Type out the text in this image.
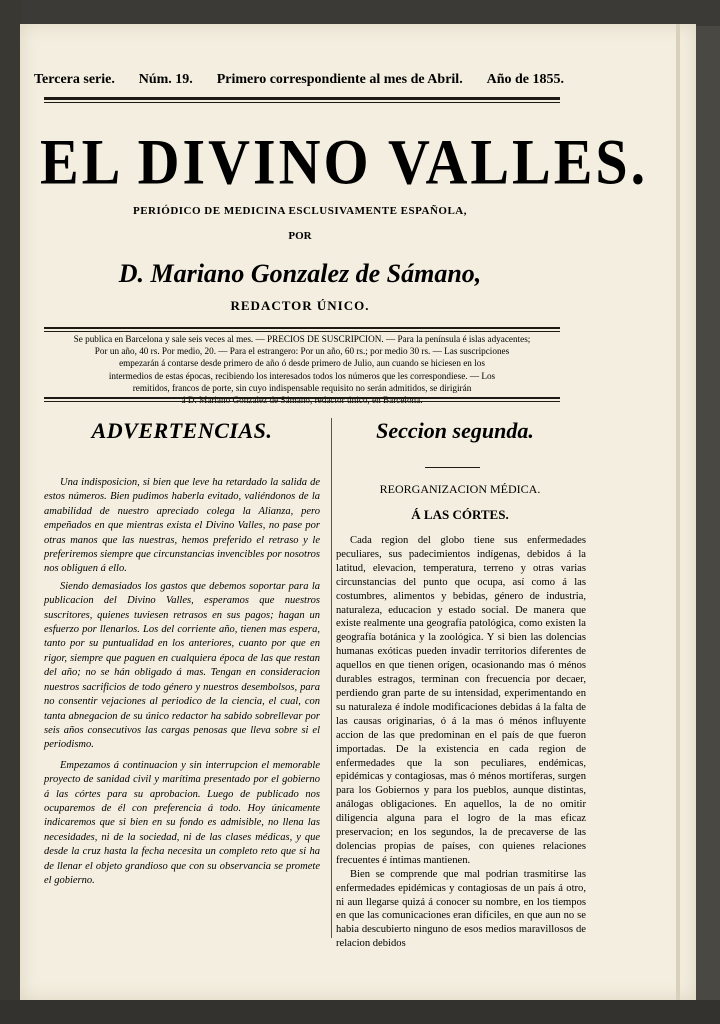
Tercera serie. Núm. 19. Primero correspondiente al mes de Abril. Año de 1855.
EL DIVINO VALLES.
PERIÓDICO DE MEDICINA ESCLUSIVAMENTE ESPAÑOLA,
POR
D. Mariano Gonzalez de Sámano,
REDACTOR ÚNICO.
Se publica en Barcelona y sale seis veces al mes. — PRECIOS DE SUSCRIPCION. — Para la península é islas adyacentes;
Por un año, 40 rs. Por medio, 20. — Para el estrangero: Por un año, 60 rs.; por medio 30 rs. — Las suscripciones
empezarán á contarse desde primero de año ó desde primero de Julio, aun cuando se hiciesen en los
intermedios de estas épocas, recibiendo los interesados todos los números que les correspondiese. — Los
remitidos, francos de porte, sin cuyo indispensable requisito no serán admitidos, se dirigirán
ADVERTENCIAS.

Una indisposicion, si bien que leve ha retardado la salida de estos números. Bien pudimos haberla evitado, valiéndonos de la amabilidad de nuestro apreciado colega la Alianza, pero empeñados en que mientras exista el Divino Valles, no pase por otras manos que las nuestras, hemos preferido el retraso y le preferiremos siempre que circunstancias invencibles por nosotros nos obliguen á ello.

Siendo demasiados los gastos que debemos soportar para la publicacion del Divino Valles, esperamos que nuestros suscritores, quienes tuviesen retrasos en sus pagos; hagan un esfuerzo por llenarlos. Los del corriente año, tienen mas espera, tanto por su puntualidad en los anteriores, cuanto por que en rigor, siempre que paguen en cualquiera época de las que restan del año; no se hán obligado á mas. Tengan en consideracion nuestros sacrificios de todo género y nuestros desembolsos, para no consentir vejaciones al periodico de la ciencia, el cual, con tanta abnegacion de su único redactor ha sabido sobrellevar por seis años consecutivos las cargas penosas que lleva sobre si el periodismo.

Empezamos á continuacion y sin interrupcion el memorable proyecto de sanidad civil y marítima presentado por el gobierno á las córtes para su aprobacion. Luego de publicado nos ocuparemos de él con preferencia á todo. Hoy únicamente indicaremos que si bien en su fondo es admisible, no llena las necesidades, ni de la sociedad, ni de las clases médicas, y que desde la cruz hasta la fecha necesita un completo reto que si ha de llenar el objeto grandioso que con su observancia se promete el gobierno.

Seccion segunda.
REORGANIZACION MÉDICA.
Á LAS CÓRTES.

Cada region del globo tiene sus enfermedades peculiares, sus padecimientos indígenas, debidos á la latitud, elevacion, temperatura, terreno y otras varias circunstancias del punto que ocupa, así como á las costumbres, alimentos y bebidas, género de industria, naturaleza, educacion y estado social. De manera que existe realmente una geografía patológica, como existen la geografía botánica y la zoológica. Y si bien las dolencias humanas exóticas pueden invadir territorios diferentes de aquellos en que tienen orígen, ocasionando mas ó ménos durables estragos, terminan con frecuencia por decaer, perdiendo gran parte de su intensidad, experimentando en su naturaleza é índole modificaciones debidas á la falta de las causas originarias, ó á la mas ó ménos influyente accion de las que predominan en el país de que fueron importadas. De la existencia en cada region de enfermedades que la son peculiares, endémicas, epidémicas y contagiosas, mas ó ménos mortíferas, surgen para los Gobiernos y para los pueblos, aunque distintas, análogas obligaciones. En aquellos, la de no omitir diligencia alguna para el logro de la mas eficaz preservacion; en los segundos, la de precaverse de las dolencias propias de países, con quienes relaciones frecuentes é íntimas mantienen.

Bien se comprende que mal podrian trasmitirse las enfermedades epidémicas y contagiosas de un país á otro, ni aun llegarse quizá á conocer su nombre, en los tiempos en que las comunicaciones eran difíciles, en que aun no se habia descubierto ninguno de esos medios maravillosos de relacion debidos
